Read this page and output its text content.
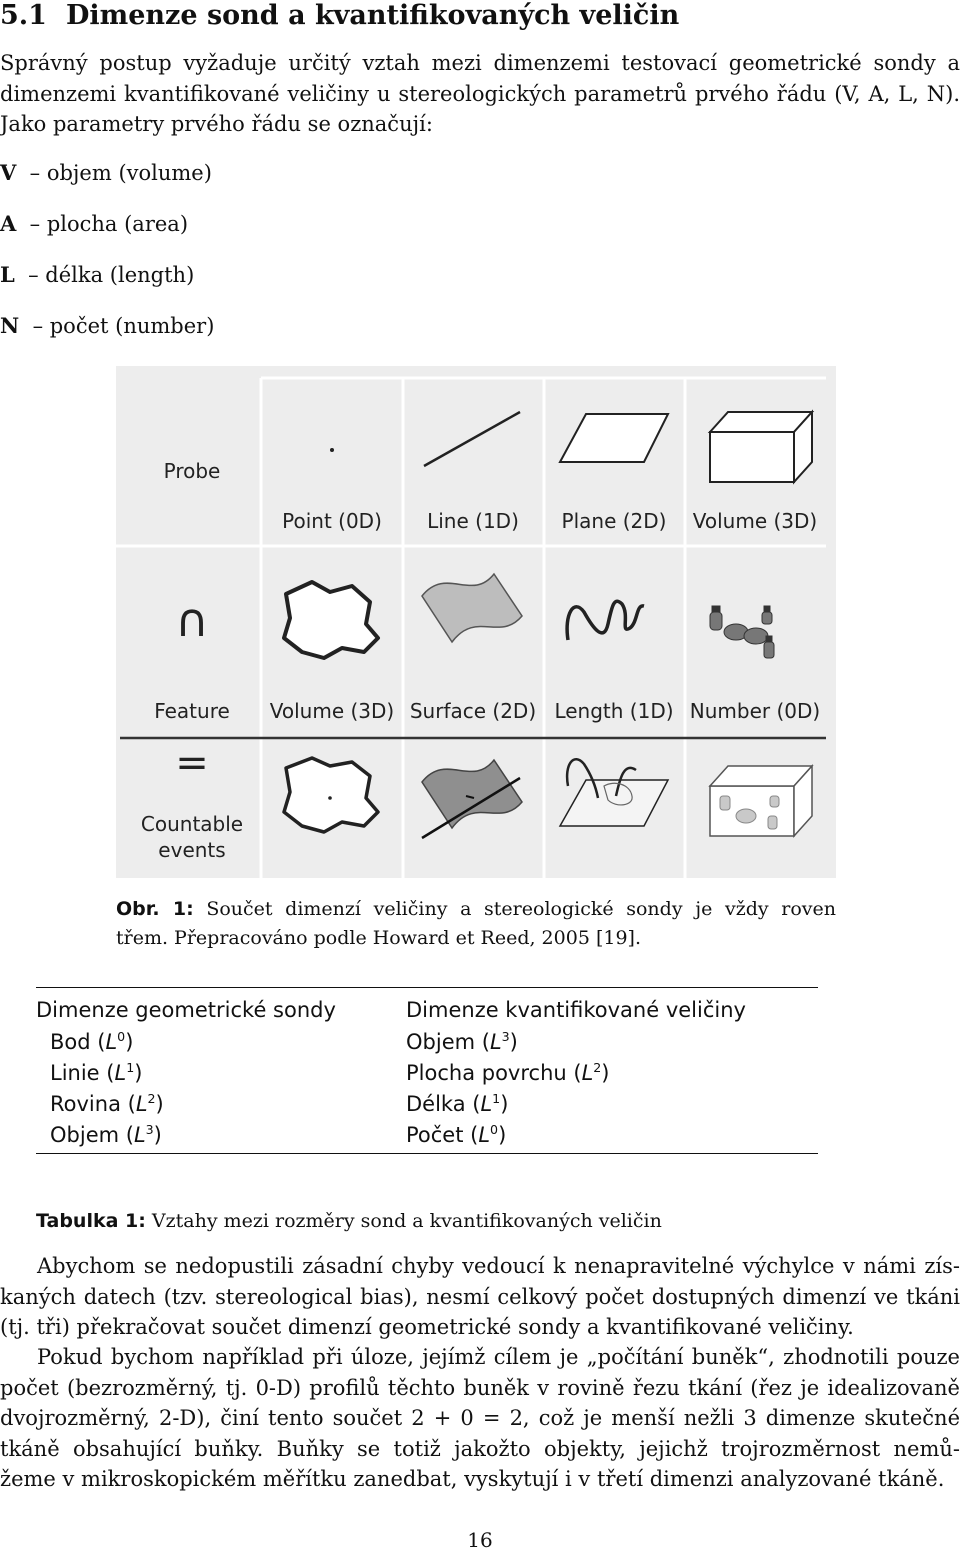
5.1 Dimenze sond a kvantifikovaných veličin
Správný postup vyžaduje určitý vztah mezi dimenzemi testovací geometrické sondy a
dimenzemi kvantifikované veličiny u stereologických parametrů prvého řádu (V, A, L, N).
Jako parametry prvého řádu se označují:
V – objem (volume)
A – plocha (area)
L – délka (length)
N – počet (number)
Probe
∩
Feature
=
Countable
events
Point (0D) Line (1D) Plane (2D) Volume (3D)
Volume (3D) Surface (2D) Length (1D) Number (0D)
Obr. 1: Součet dimenzí veličiny a stereologické sondy je vždy roven
třem. Přepracováno podle Howard et Reed, 2005 [19].
Dimenze geometrické sondy	Dimenze kvantifikované veličiny
Bod $(L^0)$	Objem $(L^3)$
Linie $(L^1)$	Plocha povrchu $(L^2)$
Rovina $(L^2)$	Délka $(L^1)$
Objem $(L^3)$	Počet $(L^0)$
Tabulka 1: Vztahy mezi rozměry sond a kvantifikovaných veličin
Abychom se nedopustili zásadní chyby vedoucí k nenapravitelné výchylce v námi zís-
kaných datech (tzv. stereological bias), nesmí celkový počet dostupných dimenzí ve tkáni
(tj. tři) překračovat součet dimenzí geometrické sondy a kvantifikované veličiny.
Pokud bychom například při úloze, jejímž cílem je „počítání buněk“, zhodnotili pouze
počet (bezrozměrný, tj. 0-D) profilů těchto buněk v rovině řezu tkání (řez je idealizovaně
dvojrozměrný, 2-D), činí tento součet 2 + 0 = 2, což je menší nežli 3 dimenze skutečné
tkáně obsahující buňky. Buňky se totiž jakožto objekty, jejichž trojrozměrnost nemů-
žeme v mikroskopickém měřítku zanedbat, vyskytují i v třetí dimenzi analyzované tkáně.
16
